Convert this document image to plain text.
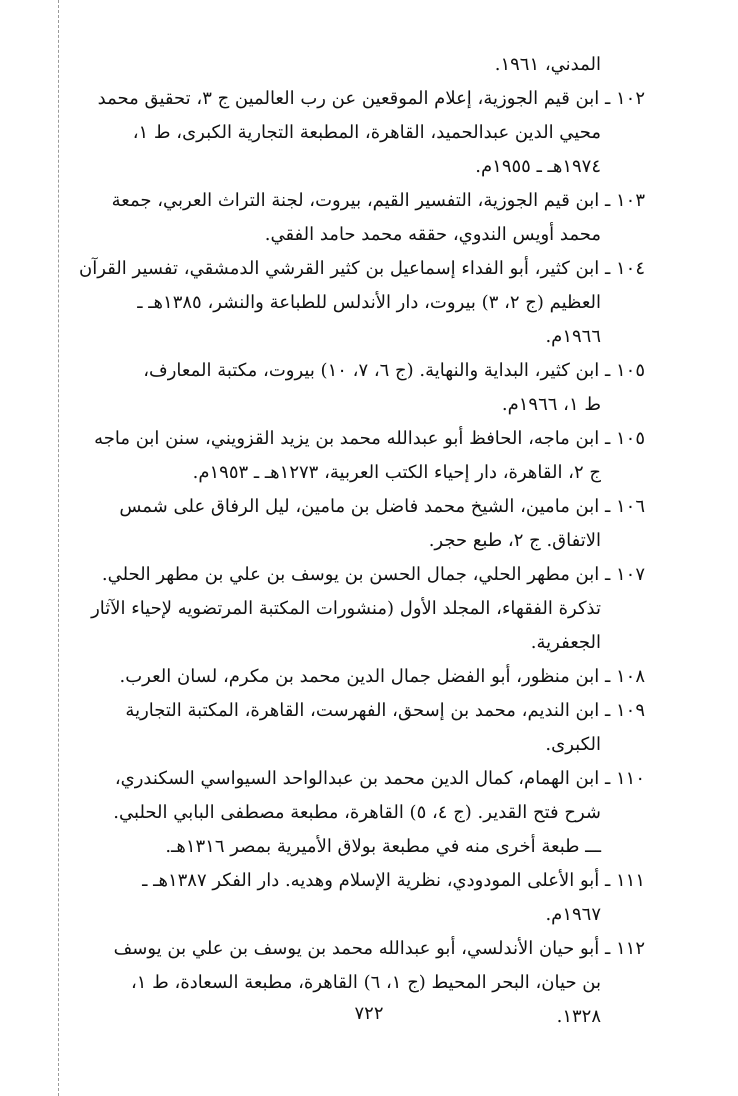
المدني، ١٩٦١.
١٠٢ ـ ابن قيم الجوزية، إعلام الموقعين عن رب العالمين ج ٣، تحقيق محمد
محيي الدين عبدالحميد، القاهرة، المطبعة التجارية الكبرى، ط ١،
١٩٧٤هـ ـ ١٩٥٥م.
١٠٣ ـ ابن قيم الجوزية، التفسير القيم، بيروت، لجنة التراث العربي، جمعة
محمد أويس الندوي، حققه محمد حامد الفقي.
١٠٤ ـ ابن كثير، أبو الفداء إسماعيل بن كثير القرشي الدمشقي، تفسير القرآن
العظيم (ج ٢، ٣) بيروت، دار الأندلس للطباعة والنشر، ١٣٨٥هـ ـ
١٩٦٦م.
١٠٥ ـ ابن كثير، البداية والنهاية. (ج ٦، ٧، ١٠) بيروت، مكتبة المعارف،
ط ١، ١٩٦٦م.
١٠٥ ـ ابن ماجه، الحافظ أبو عبدالله محمد بن يزيد القزويني، سنن ابن ماجه
ج ٢، القاهرة، دار إحياء الكتب العربية، ١٢٧٣هـ ـ ١٩٥٣م.
١٠٦ ـ ابن مامين، الشيخ محمد فاضل بن مامين، ليل الرفاق على شمس
الاتفاق. ج ٢، طبع حجر.
١٠٧ ـ ابن مطهر الحلي، جمال الحسن بن يوسف بن علي بن مطهر الحلي.
تذكرة الفقهاء، المجلد الأول (منشورات المكتبة المرتضويه لإحياء الآثار
الجعفرية.
١٠٨ ـ ابن منظور، أبو الفضل جمال الدين محمد بن مكرم، لسان العرب.
١٠٩ ـ ابن النديم، محمد بن إسحق، الفهرست، القاهرة، المكتبة التجارية
الكبرى.
١١٠ ـ ابن الهمام، كمال الدين محمد بن عبدالواحد السيواسي السكندري،
شرح فتح القدير. (ج ٤، ٥) القاهرة، مطبعة مصطفى البابي الحلبي.
ـــ طبعة أخرى منه في مطبعة بولاق الأميرية بمصر ١٣١٦هـ.
١١١ ـ أبو الأعلى المودودي، نظرية الإسلام وهديه. دار الفكر ١٣٨٧هـ ـ
١٩٦٧م.
١١٢ ـ أبو حيان الأندلسي، أبو عبدالله محمد بن يوسف بن علي بن يوسف
بن حيان، البحر المحيط (ج ١، ٦) القاهرة، مطبعة السعادة، ط ١،
١٣٢٨.
٧٢٢
